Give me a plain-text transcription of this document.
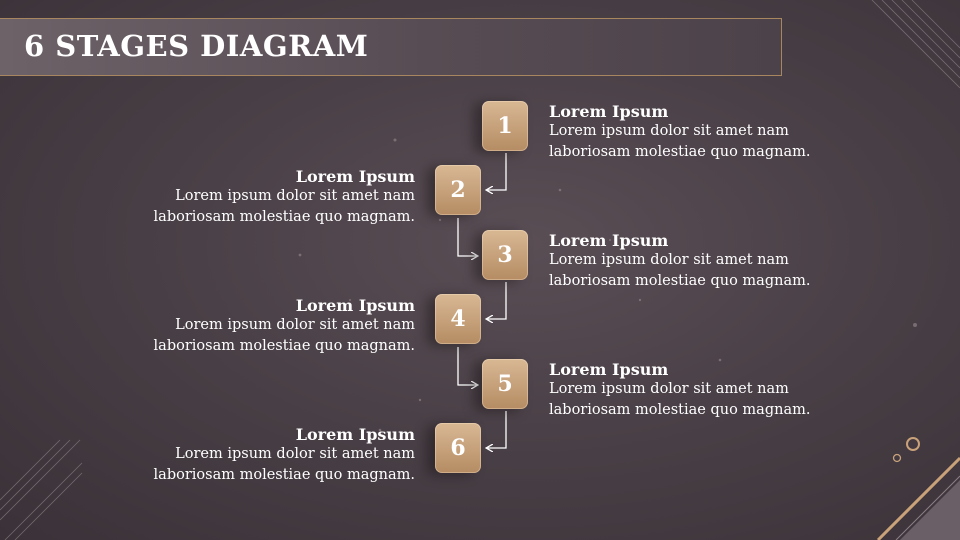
6 STAGES DIAGRAM
1
2
3
4
5
6
Lorem Ipsum
Lorem ipsum dolor sit amet nam laboriosam molestiae quo magnam.
Lorem Ipsum
Lorem ipsum dolor sit amet nam laboriosam molestiae quo magnam.
Lorem Ipsum
Lorem ipsum dolor sit amet nam laboriosam molestiae quo magnam.
Lorem Ipsum
Lorem ipsum dolor sit amet nam laboriosam molestiae quo magnam.
Lorem Ipsum
Lorem ipsum dolor sit amet nam laboriosam molestiae quo magnam.
Lorem Ipsum
Lorem ipsum dolor sit amet nam laboriosam molestiae quo magnam.
